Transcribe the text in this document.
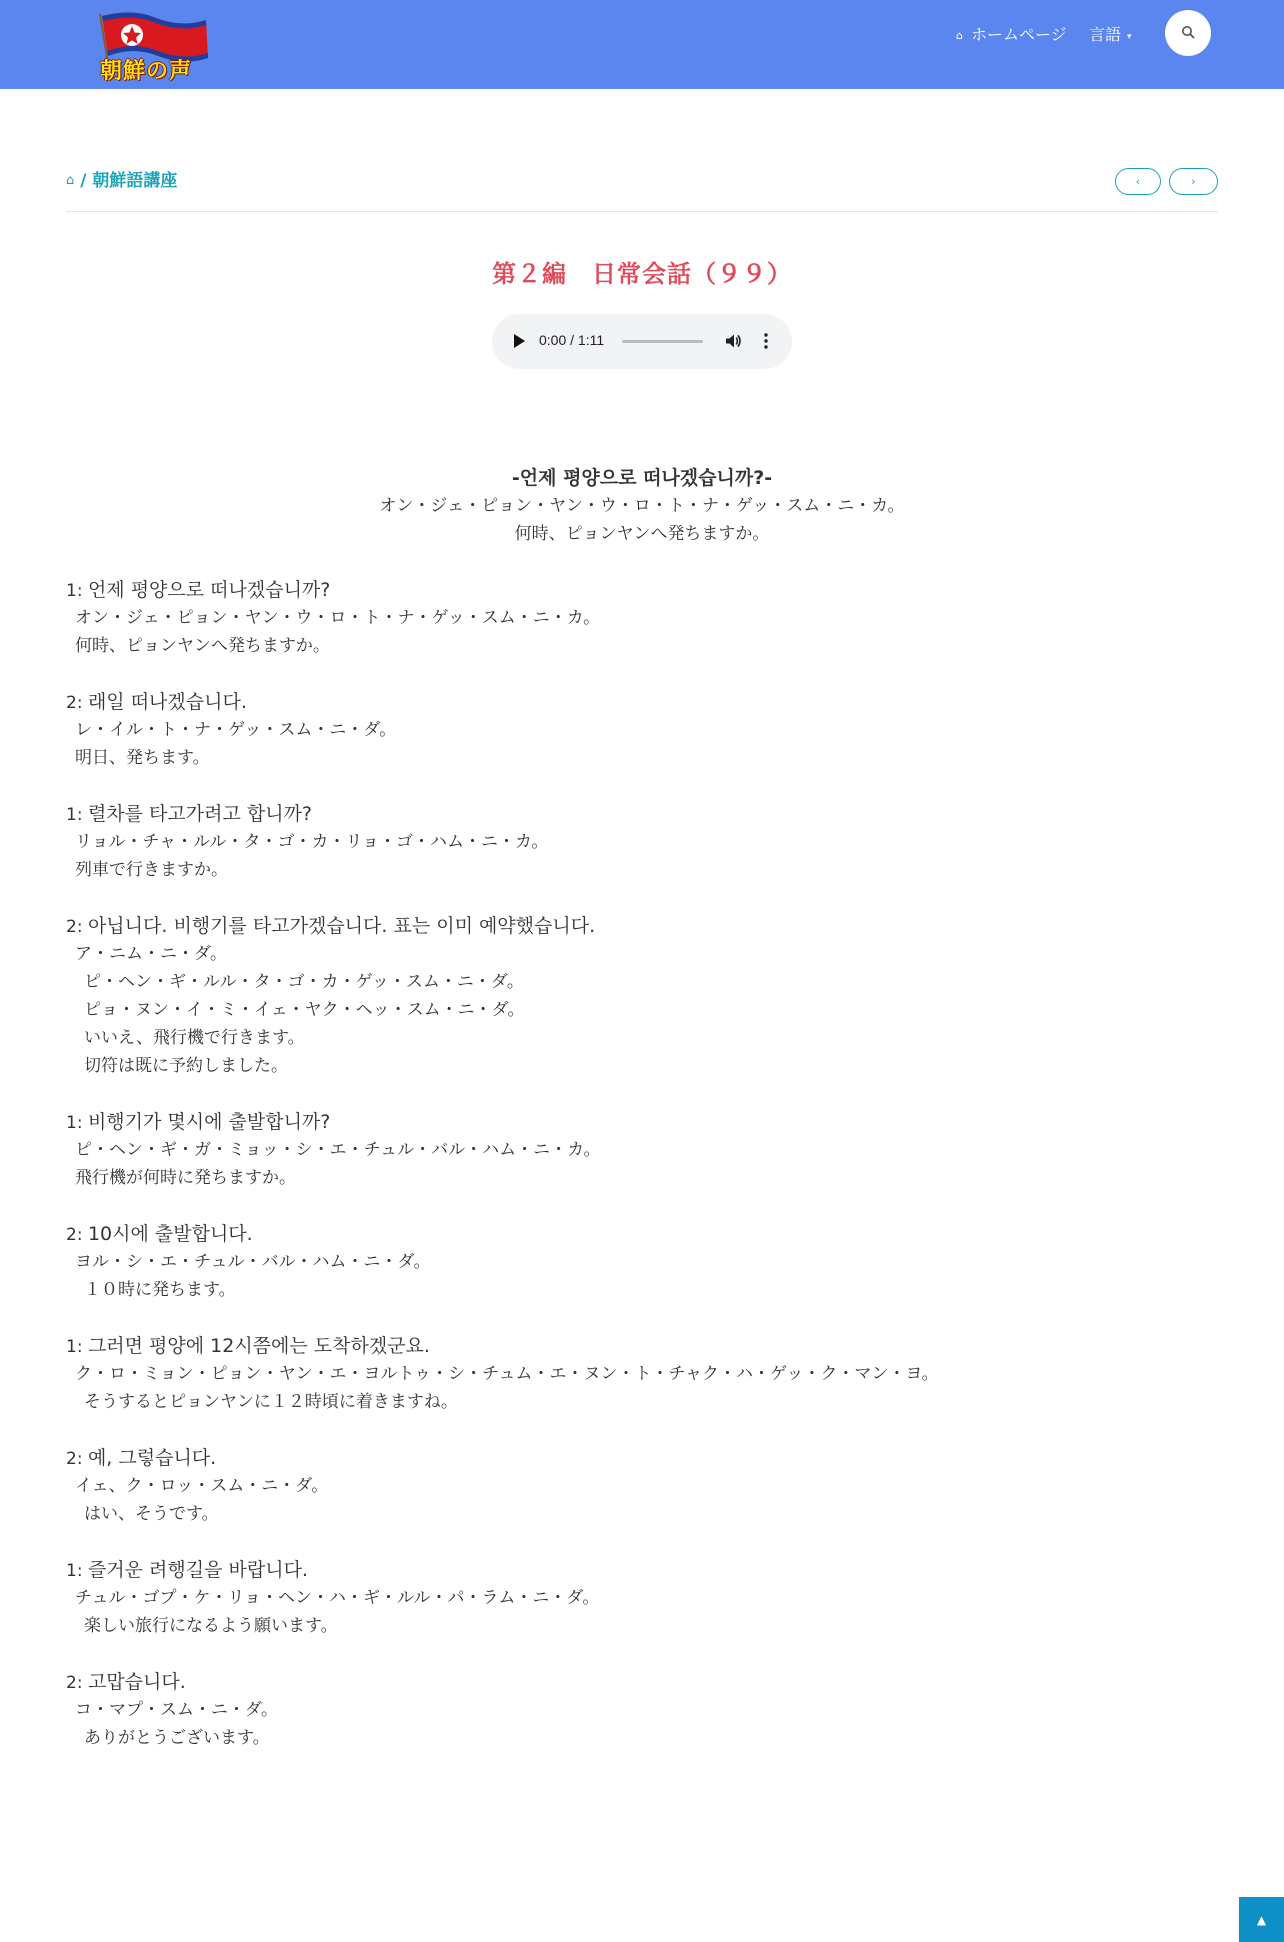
朝鮮の声
⌂ ホームページ 言語 ▾
⌂ / 朝鮮語講座	‹	›
第２編　日常会話（９９）
0:00 / 1:11
-언제 평양으로 떠나겠습니까?-
オン・ジェ・ピョン・ヤン・ウ・ロ・ト・ナ・ゲッ・スム・ニ・カ。
何時、ピョンヤンへ発ちますか。
1: 언제 평양으로 떠나겠습니까?
オン・ジェ・ピョン・ヤン・ウ・ロ・ト・ナ・ゲッ・スム・ニ・カ。
何時、ピョンヤンへ発ちますか。
2: 래일 떠나겠습니다.
レ・イル・ト・ナ・ゲッ・スム・ニ・ダ。
明日、発ちます。
1: 렬차를 타고가려고 합니까?
リョル・チャ・ルル・タ・ゴ・カ・リョ・ゴ・ハム・ニ・カ。
列車で行きますか。
2: 아닙니다. 비행기를 타고가겠습니다. 표는 이미 예약했습니다.
ア・ニム・ニ・ダ。
ピ・ヘン・ギ・ルル・タ・ゴ・カ・ゲッ・スム・ニ・ダ。
ピョ・ヌン・イ・ミ・イェ・ヤク・ヘッ・スム・ニ・ダ。
いいえ、飛行機で行きます。
切符は既に予約しました。
1: 비행기가 몇시에 출발합니까?
ピ・ヘン・ギ・ガ・ミョッ・シ・エ・チュル・バル・ハム・ニ・カ。
飛行機が何時に発ちますか。
2: 10시에 출발합니다.
ヨル・シ・エ・チュル・バル・ハム・ニ・ダ。
１０時に発ちます。
1: 그러면 평양에 12시쯤에는 도착하겠군요.
ク・ロ・ミョン・ピョン・ヤン・エ・ヨルトゥ・シ・チュム・エ・ヌン・ト・チャク・ハ・ゲッ・ク・マン・ヨ。
そうするとピョンヤンに１２時頃に着きますね。
2: 예, 그렇습니다.
イェ、ク・ロッ・スム・ニ・ダ。
はい、そうです。
1: 즐거운 려행길을 바랍니다.
チュル・ゴプ・ケ・リョ・ヘン・ハ・ギ・ルル・パ・ラム・ニ・ダ。
楽しい旅行になるよう願います。
2: 고맙습니다.
コ・マプ・スム・ニ・ダ。
ありがとうございます。
▲
